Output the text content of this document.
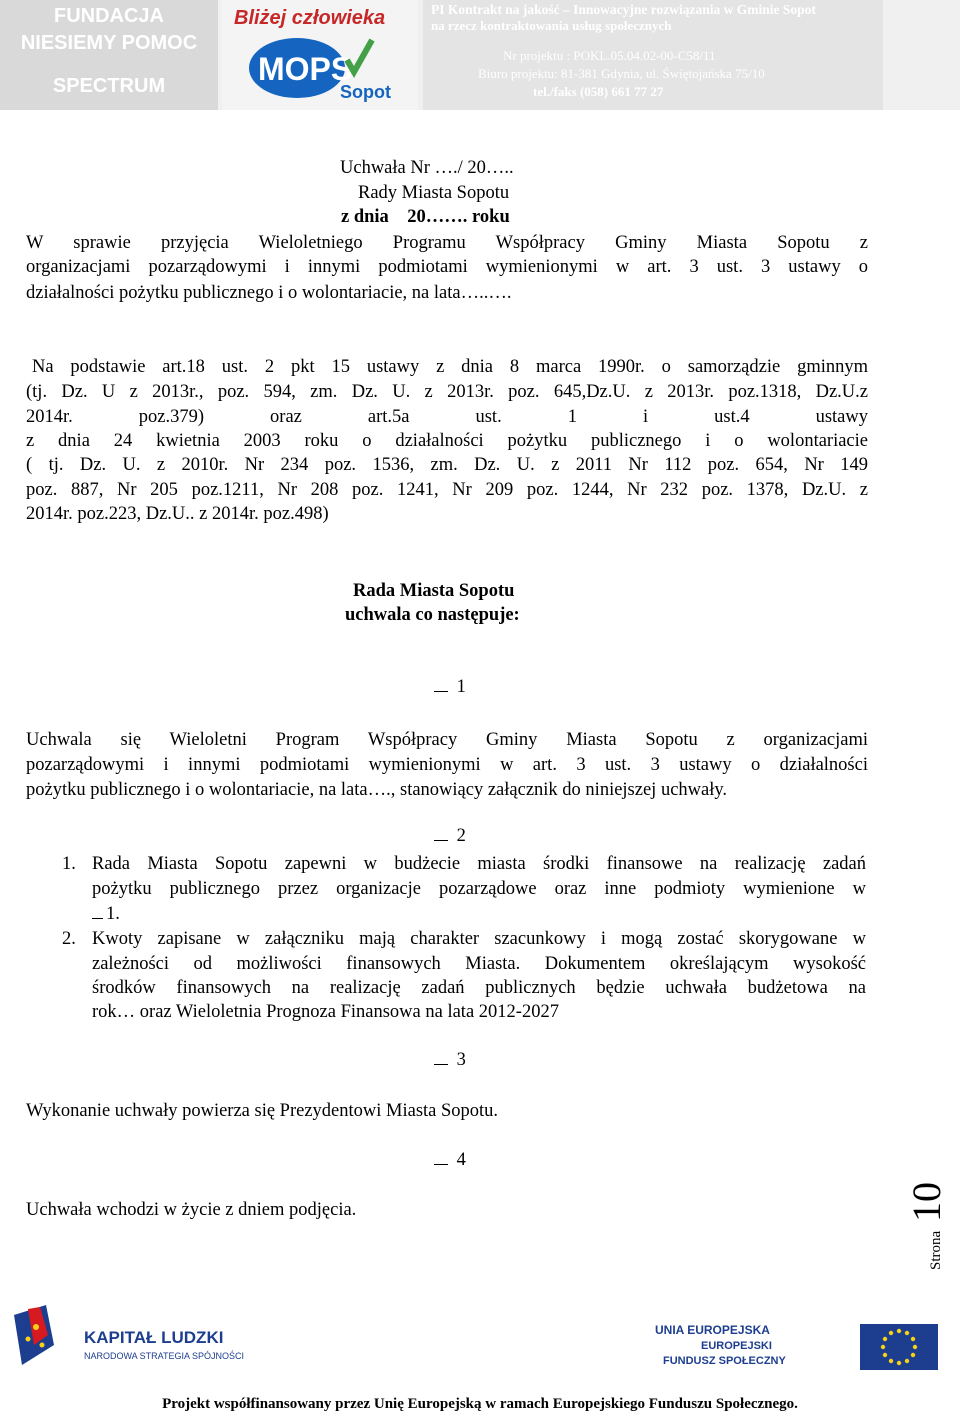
FUNDACJA
NIESIEMY POMOC
SPECTRUM
Bliżej człowieka
MOPS
Sopot
PI Kontrakt na jakość – Innowacyjne rozwiązania w Gminie Sopot
na rzecz kontraktowania usług społecznych
Nr projektu : POKL.05.04.02-00-C58/11
Biuro projektu: 81-381 Gdynia, ul. Świętojańska 75/10
tel./faks (058) 661 77 27
Uchwała Nr …./ 20…..
Rady Miasta Sopotu
z dnia    20……. roku
W sprawie przyjęcia Wieloletniego Programu Współpracy Gminy Miasta Sopotu z
organizacjami pozarządowymi i innymi podmiotami wymienionymi w art. 3 ust. 3 ustawy o
działalności pożytku publicznego i o wolontariacie, na lata…..….
Na podstawie art.18 ust. 2 pkt 15 ustawy z dnia 8 marca 1990r. o samorządzie gminnym
(tj. Dz. U z 2013r., poz. 594, zm. Dz. U. z 2013r. poz. 645,Dz.U. z 2013r. poz.1318, Dz.U.z
2014r. poz.379) oraz art.5a ust. 1 i ust.4 ustawy
z dnia 24 kwietnia 2003 roku o działalności pożytku publicznego i o wolontariacie
( tj. Dz. U. z 2010r. Nr 234 poz. 1536, zm. Dz. U. z 2011 Nr 112 poz. 654, Nr 149
poz. 887, Nr 205 poz.1211, Nr 208 poz. 1241, Nr 209 poz. 1244, Nr 232 poz. 1378, Dz.U. z
2014r. poz.223, Dz.U.. z 2014r. poz.498)
Rada Miasta Sopotu
uchwala co następuje:
1
Uchwala się Wieloletni Program Współpracy Gminy Miasta Sopotu z organizacjami
pozarządowymi i innymi podmiotami wymienionymi w art. 3 ust. 3 ustawy o działalności
pożytku publicznego i o wolontariacie, na lata…., stanowiący załącznik do niniejszej uchwały.
2
1. Rada Miasta Sopotu zapewni w budżecie miasta środki finansowe na realizację zadań
pożytku publicznego przez organizacje pozarządowe oraz inne podmioty wymienione w
1.
2. Kwoty zapisane w załączniku mają charakter szacunkowy i mogą zostać skorygowane w
zależności od możliwości finansowych Miasta. Dokumentem określającym wysokość
środków finansowych na realizację zadań publicznych będzie uchwała budżetowa na
rok… oraz Wieloletnia Prognoza Finansowa na lata 2012-2027
3
Wykonanie uchwały powierza się Prezydentowi Miasta Sopotu.
4
Uchwała wchodzi w życie z dniem podjęcia.
Strona
10
KAPITAŁ LUDZKI
NARODOWA STRATEGIA SPÓJNOŚCI
UNIA EUROPEJSKA
EUROPEJSKI
FUNDUSZ SPOŁECZNY
Projekt współfinansowany przez Unię Europejską w ramach Europejskiego Funduszu Społecznego.
